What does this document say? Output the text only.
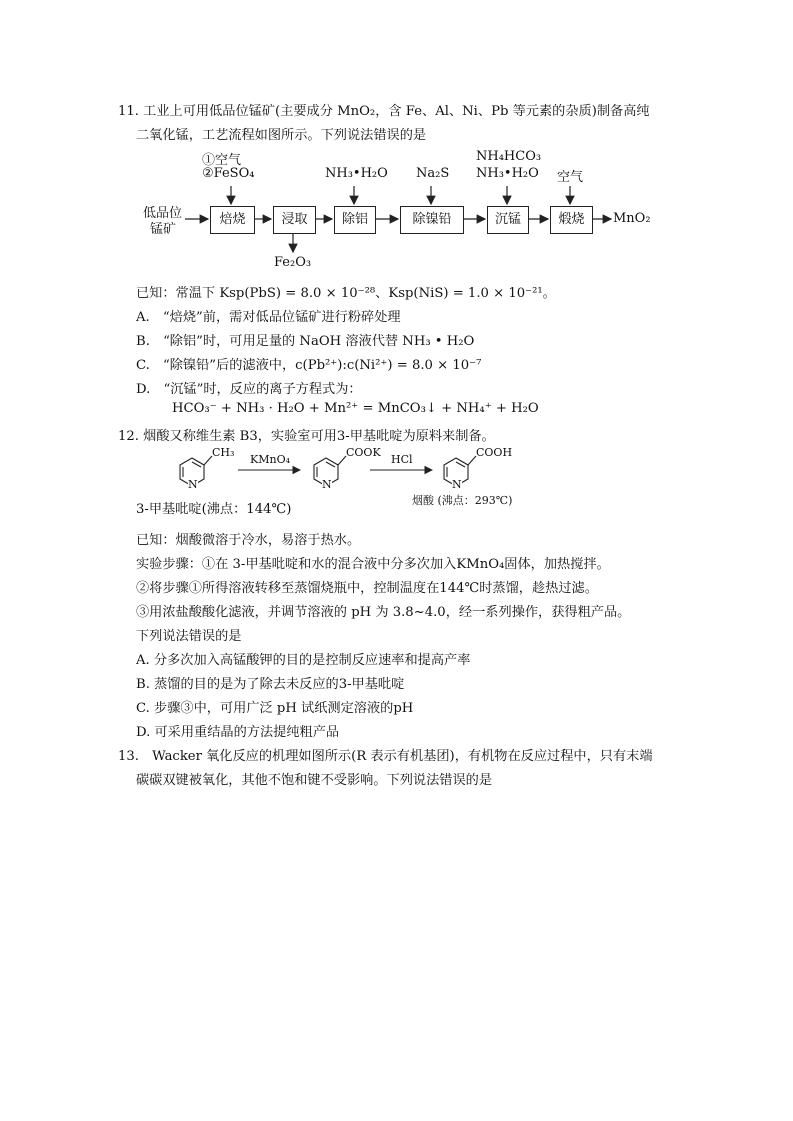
11. 工业上可用低品位锰矿(主要成分 MnO₂，含 Fe、Al、Ni、Pb 等元素的杂质)制备高纯
二氧化锰，工艺流程如图所示。下列说法错误的是
①空气
②FeSO₄	NH₃•H₂O Na₂S
NH₄HCO₃
NH₃•H₂O 空气
低品位
锰矿
焙烧	浸取	除铝	除镍铅	沉锰	煅烧	MnO₂
Fe₂O₃
已知：常温下 Ksp(PbS) = 8.0 × 10⁻²⁸、Ksp(NiS) = 1.0 × 10⁻²¹。
A.　“焙烧”前，需对低品位锰矿进行粉碎处理
B.　“除铝”时，可用足量的 NaOH 溶液代替 NH₃ • H₂O
C.　“除镍铅”后的滤液中，c(Pb²⁺):c(Ni²⁺) = 8.0 × 10⁻⁷
D.　“沉锰”时，反应的离子方程式为：
HCO₃⁻ + NH₃ · H₂O + Mn²⁺ = MnCO₃↓ + NH₄⁺ + H₂O
12. 烟酸又称维生素 B3，实验室可用3-甲基吡啶为原料来制备。
CH₃
N
KMnO₄
COOK
N
HCl
COOH
N
烟酸 (沸点：293℃)
3-甲基吡啶(沸点：144℃)
已知：烟酸微溶于冷水，易溶于热水。
实验步骤：①在 3-甲基吡啶和水的混合液中分多次加入KMnO₄固体，加热搅拌。
②将步骤①所得溶液转移至蒸馏烧瓶中，控制温度在144℃时蒸馏，趁热过滤。
③用浓盐酸酸化滤液，并调节溶液的 pH 为 3.8~4.0，经一系列操作，获得粗产品。
下列说法错误的是
A. 分多次加入高锰酸钾的目的是控制反应速率和提高产率
B. 蒸馏的目的是为了除去未反应的3-甲基吡啶
C. 步骤③中，可用广泛 pH 试纸测定溶液的pH
D. 可采用重结晶的方法提纯粗产品
13.　Wacker 氧化反应的机理如图所示(R 表示有机基团)，有机物在反应过程中，只有末端
碳碳双键被氧化，其他不饱和键不受影响。下列说法错误的是
